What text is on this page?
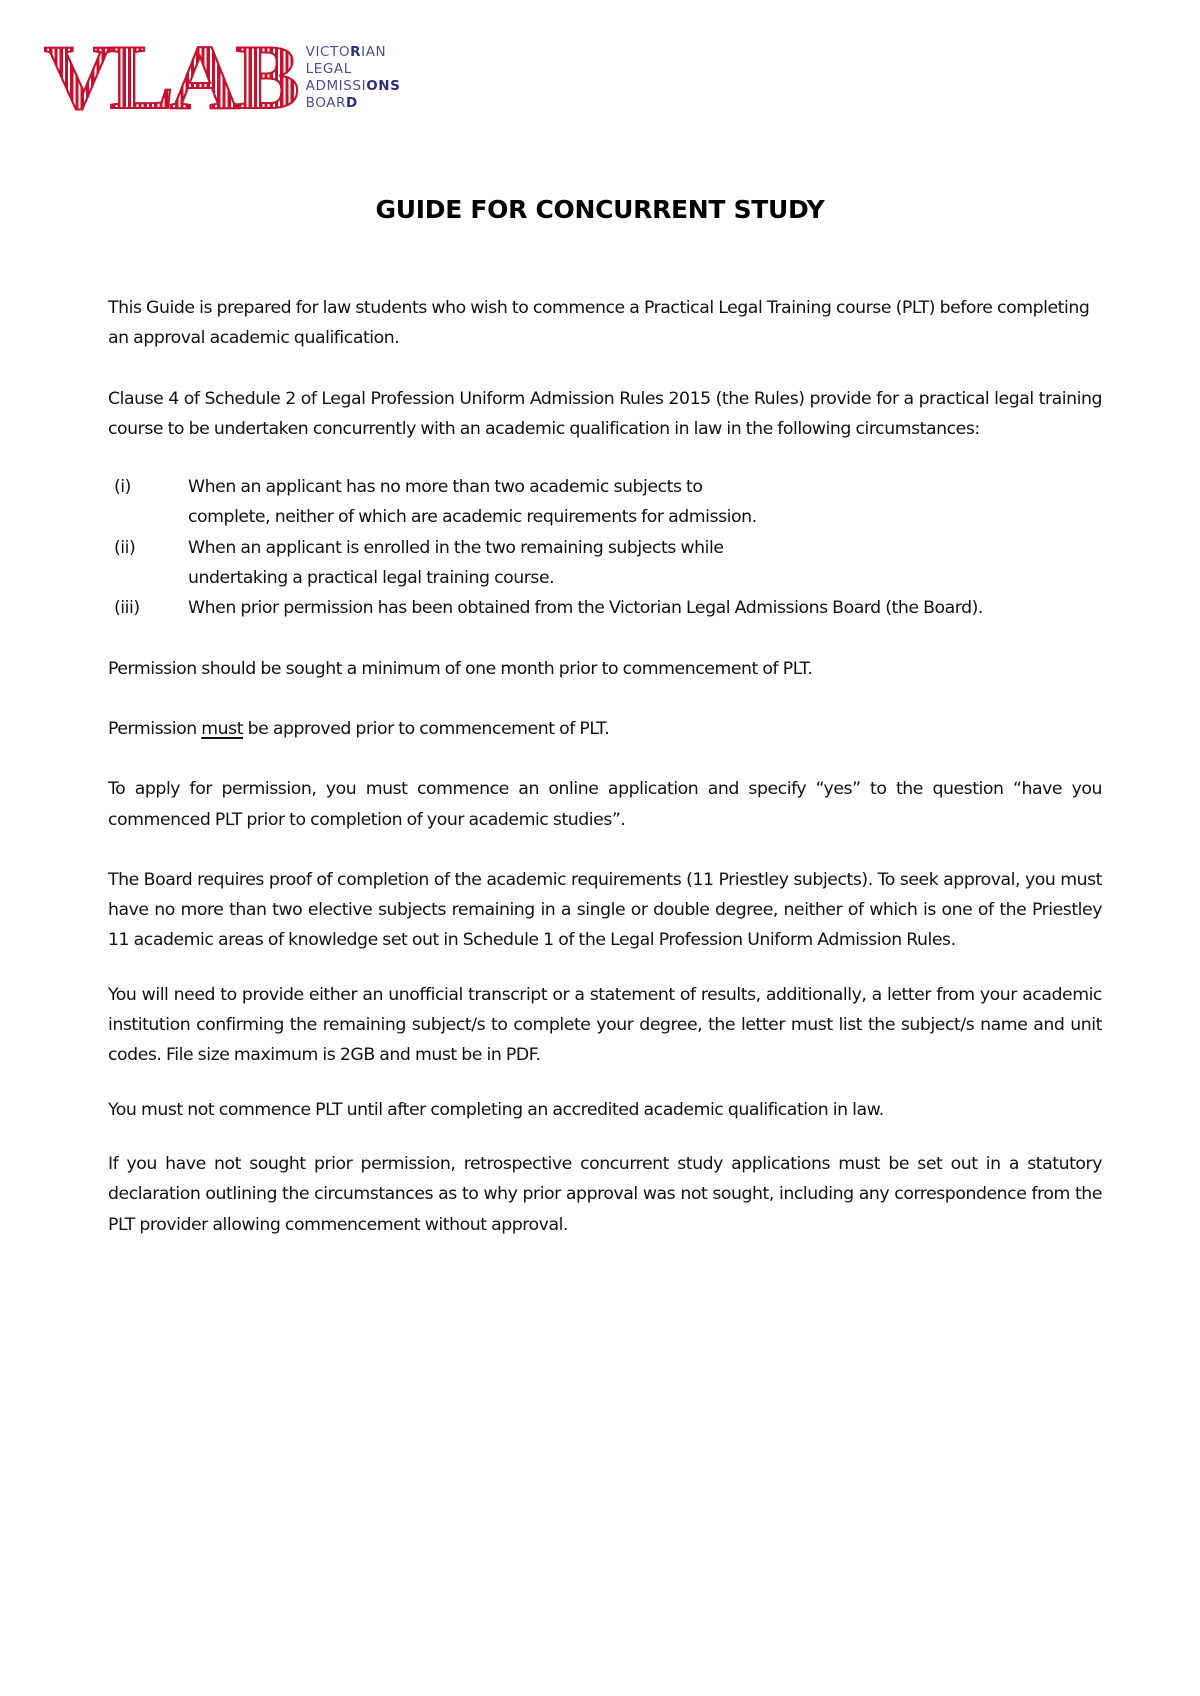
VLAB VICTORIAN
LEGAL
ADMISSIONS
BOARD
GUIDE FOR CONCURRENT STUDY

This Guide is prepared for law students who wish to commence a Practical Legal Training course (PLT) before completing an approval academic qualification.

Clause 4 of Schedule 2 of Legal Profession Uniform Admission Rules 2015 (the Rules) provide for a practical legal training course to be undertaken concurrently with an academic qualification in law in the following circumstances:

(i)	When an applicant has no more than two academic subjects to complete, neither of which are academic requirements for admission.
(ii)	When an applicant is enrolled in the two remaining subjects while undertaking a practical legal training course.
(iii)	When prior permission has been obtained from the Victorian Legal Admissions Board (the Board).

Permission should be sought a minimum of one month prior to commencement of PLT.

Permission must be approved prior to commencement of PLT.

To apply for permission, you must commence an online application and specify “yes” to the question “have you commenced PLT prior to completion of your academic studies”.

The Board requires proof of completion of the academic requirements (11 Priestley subjects). To seek approval, you must have no more than two elective subjects remaining in a single or double degree, neither of which is one of the Priestley 11 academic areas of knowledge set out in Schedule 1 of the Legal Profession Uniform Admission Rules.

You will need to provide either an unofficial transcript or a statement of results, additionally, a letter from your academic institution confirming the remaining subject/s to complete your degree, the letter must list the subject/s name and unit codes. File size maximum is 2GB and must be in PDF.

You must not commence PLT until after completing an accredited academic qualification in law.

If you have not sought prior permission, retrospective concurrent study applications must be set out in a statutory declaration outlining the circumstances as to why prior approval was not sought, including any correspondence from the PLT provider allowing commencement without approval.
